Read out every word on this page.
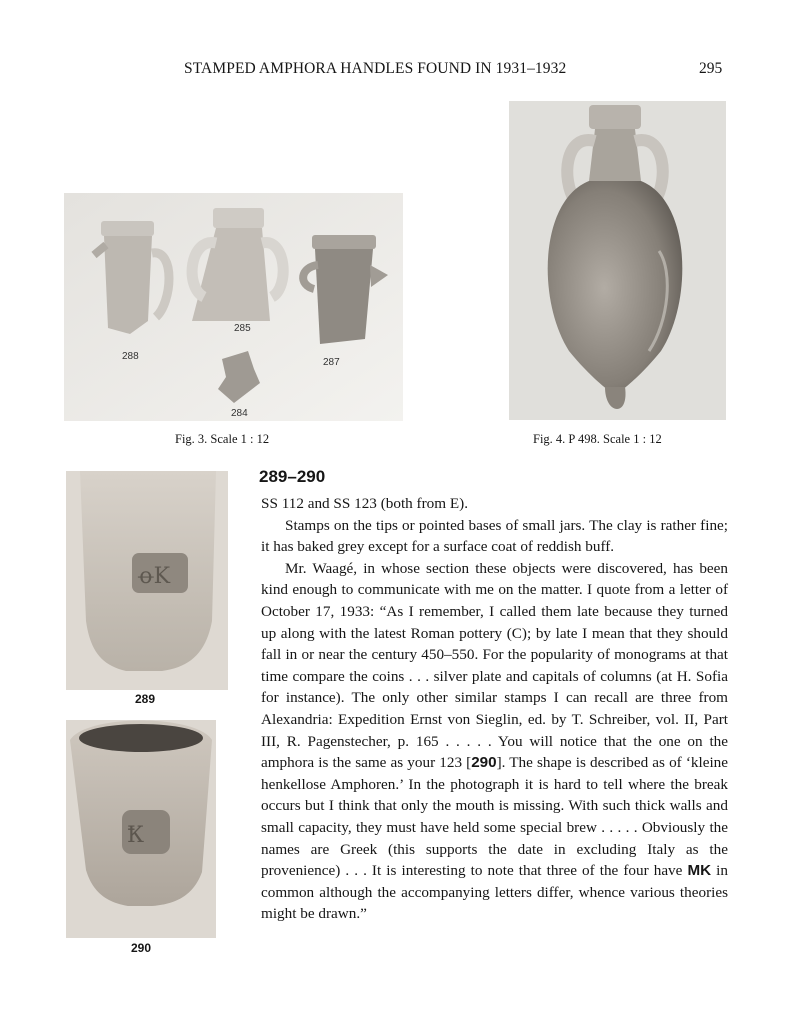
STAMPED AMPHORA HANDLES FOUND IN 1931–1932	295
288
285
287
284
Fig. 3. Scale 1 : 12	Fig. 4. P 498. Scale 1 : 12
ꝋK
289
Ꝁ
290
289–290

SS 112 and SS 123 (both from E).

Stamps on the tips or pointed bases of small jars. The clay is rather fine; it has baked grey except for a surface coat of reddish buff.

Mr. Waagé, in whose section these objects were discovered, has been kind enough to communicate with me on the matter. I quote from a letter of October 17, 1933: “As I remember, I called them late because they turned up along with the latest Roman pottery (C); by late I mean that they should fall in or near the century 450–550. For the popularity of monograms at that time compare the coins . . . silver plate and capitals of columns (at H. Sofia for instance). The only other similar stamps I can recall are three from Alexandria: Expedition Ernst von Sieglin, ed. by T. Schreiber, vol. II, Part III, R. Pagenstecher, p. 165 . . . . . You will notice that the one on the amphora is the same as your 123 [290]. The shape is described as of ‘kleine henkellose Amphoren.’ In the photograph it is hard to tell where the break occurs but I think that only the mouth is missing. With such thick walls and small capacity, they must have held some special brew . . . . . Obviously the names are Greek (this supports the date in excluding Italy as the provenience) . . . It is interesting to note that three of the four have MK in common although the accompanying letters differ, whence various theories might be drawn.”
